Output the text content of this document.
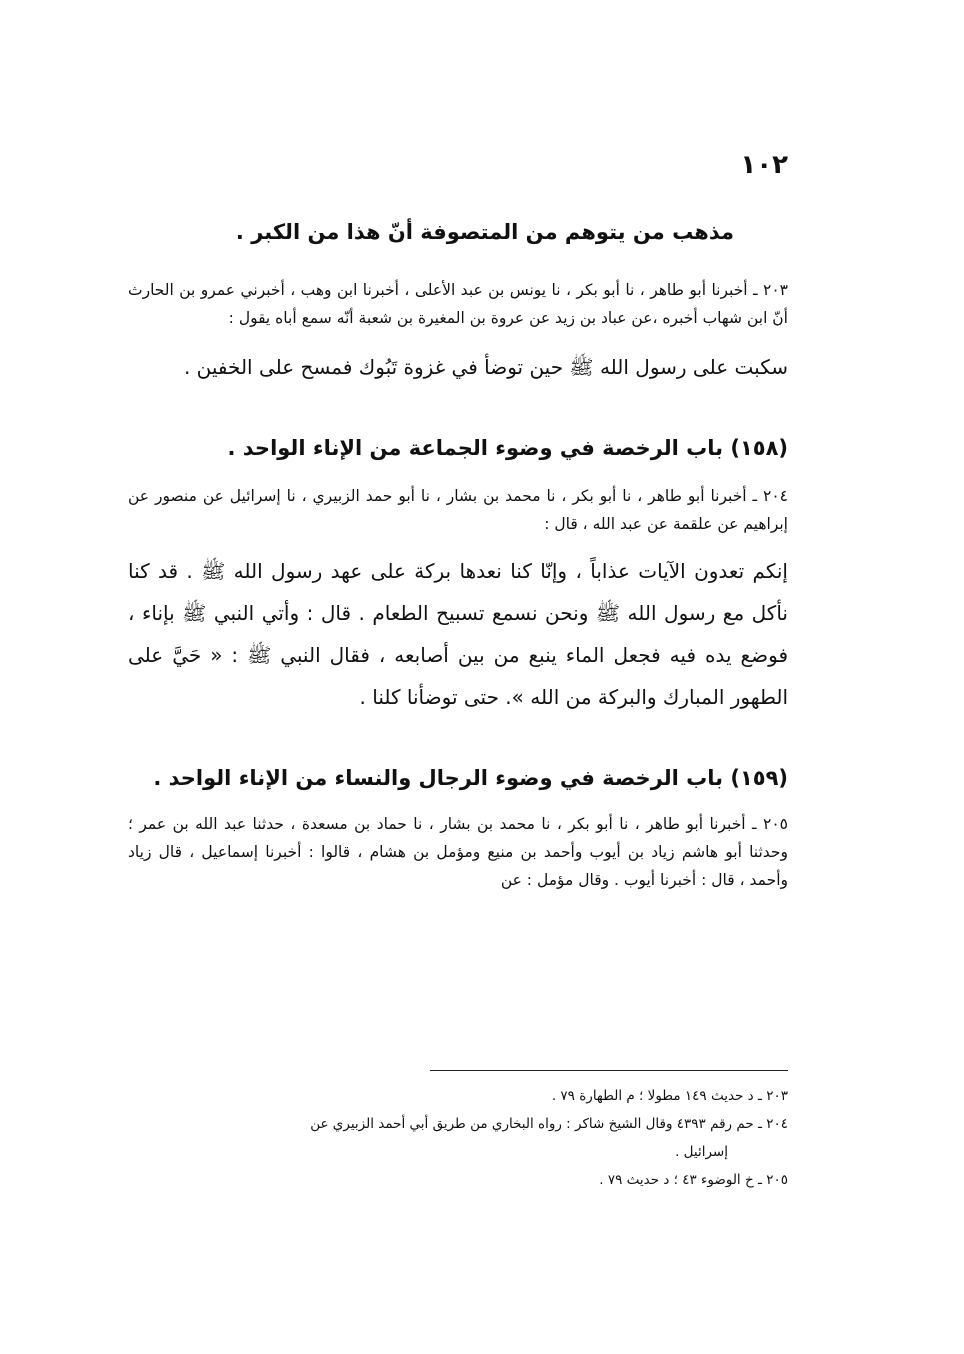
١٠٢

مذهب من يتوهم من المتصوفة أنّ هذا من الكبر .

٢٠٣ ـ أخبرنا أبو طاهر ، نا أبو بكر ، نا يونس بن عبد الأعلى ، أخبرنا ابن وهب ، أخبرني عمرو بن الحارث أنّ ابن شهاب أخبره ،عن عباد بن زيد عن عروة بن المغيرة بن شعبة أنّه سمع أباه يقول :

سكبت على رسول الله ﷺ حين توضأ في غزوة تَبُوك فمسح على الخفين .

(١٥٨) باب الرخصة في وضوء الجماعة من الإناء الواحد .

٢٠٤ ـ أخبرنا أبو طاهر ، نا أبو بكر ، نا محمد بن بشار ، نا أبو حمد الزبيري ، نا إسرائيل عن منصور عن إبراهيم عن علقمة عن عبد الله ، قال :

إنكم تعدون الآيات عذاباً ، وإنّا كنا نعدها بركة على عهد رسول الله ﷺ . قد كنا نأكل مع رسول الله ﷺ ونحن نسمع تسبيح الطعام . قال : وأتي النبي ﷺ بإناء ، فوضع يده فيه فجعل الماء ينبع من بين أصابعه ، فقال النبي ﷺ : « حَيَّ على الطهور المبارك والبركة من الله ». حتى توضأنا كلنا .

(١٥٩) باب الرخصة في وضوء الرجال والنساء من الإناء الواحد .

٢٠٥ ـ أخبرنا أبو طاهر ، نا أبو بكر ، نا محمد بن بشار ، نا حماد بن مسعدة ، حدثنا عبد الله بن عمر ؛ وحدثنا أبو هاشم زياد بن أيوب وأحمد بن منيع ومؤمل بن هشام ، قالوا : أخبرنا إسماعيل ، قال زياد وأحمد ، قال : أخبرنا أيوب . وقال مؤمل : عن

٢٠٣ ـ د حديث ١٤٩ مطولا ؛ م الطهارة ٧٩ .

٢٠٤ ـ حم رقم ٤٣٩٣ وقال الشيخ شاكر : رواه البخاري من طريق أبي أحمد الزبيري عن

إسرائيل .

٢٠٥ ـ خ الوضوء ٤٣ ؛ د حديث ٧٩ .
